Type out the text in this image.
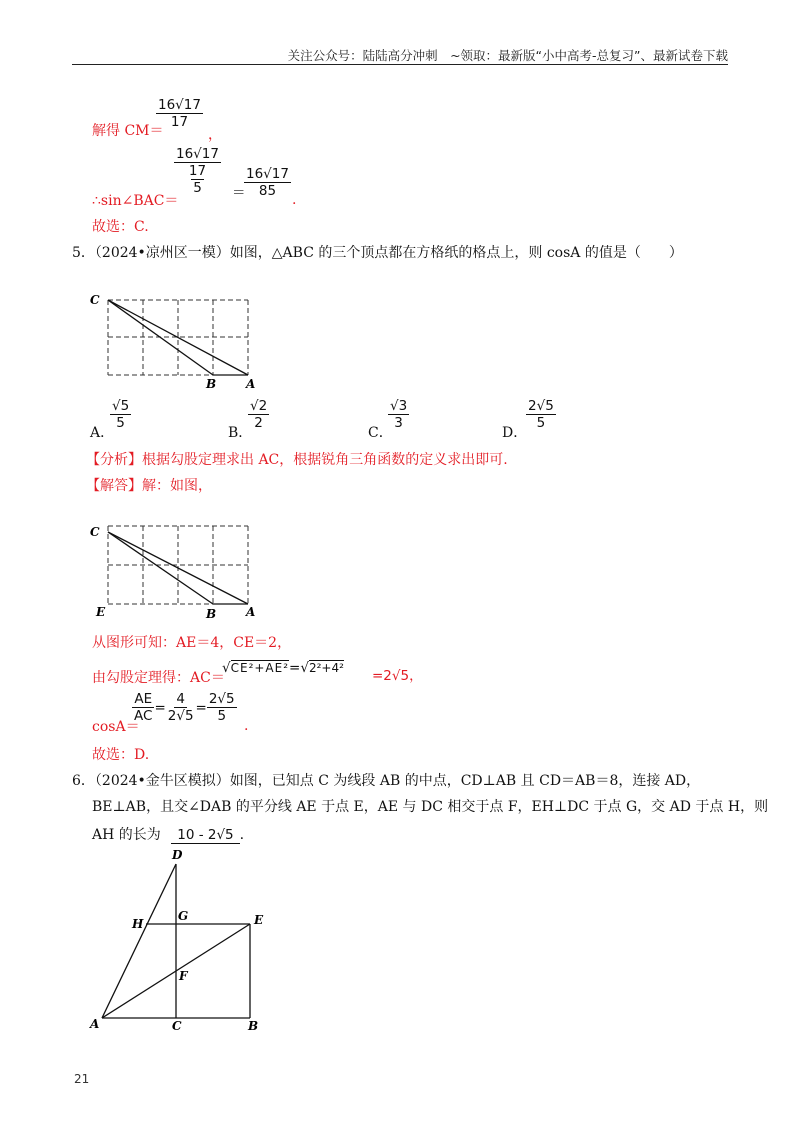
关注公众号：陆陆高分冲刺　~领取：最新版“小中高考-总复习”、最新试卷下载
解得 CM＝
$\frac{16√17}{17}$
，
∴sin∠BAC＝
$\frac{\frac{16√17}{17}}{5}$ ＝
$\frac{16√17}{85}$
.
故选：C.
5．（2024•凉州区一模）如图，△ABC 的三个顶点都在方格纸的格点上，则 cosA 的值是（　　）
C
B A
A．
$\frac{√5}{5}$
B．
$\frac{√2}{2}$
C．
$\frac{√3}{3}$
D．
$\frac{2√5}{5}$
【分析】根据勾股定理求出 AC，根据锐角三角函数的定义求出即可.
【解答】解：如图，
C
E	B A
从图形可知：AE＝4，CE＝2，
由勾股定理得：AC＝
√CE²+AE²=√2²+4² =2√5，
cosA＝
$\frac{AE}{AC} = \frac{4}{2√5} = \frac{2√5}{5}$
.
故选：D.
6．（2024•金牛区模拟）如图，已知点 C 为线段 AB 的中点，CD⊥AB 且 CD＝AB＝8，连接 AD，
BE⊥AB，且交∠DAB 的平分线 AE 于点 E，AE 与 DC 相交于点 F，EH⊥DC 于点 G，交 AD 于点 H，则
AH 的长为 10 - 2√5 .
D
H
G	E
F
A	C	B
21
